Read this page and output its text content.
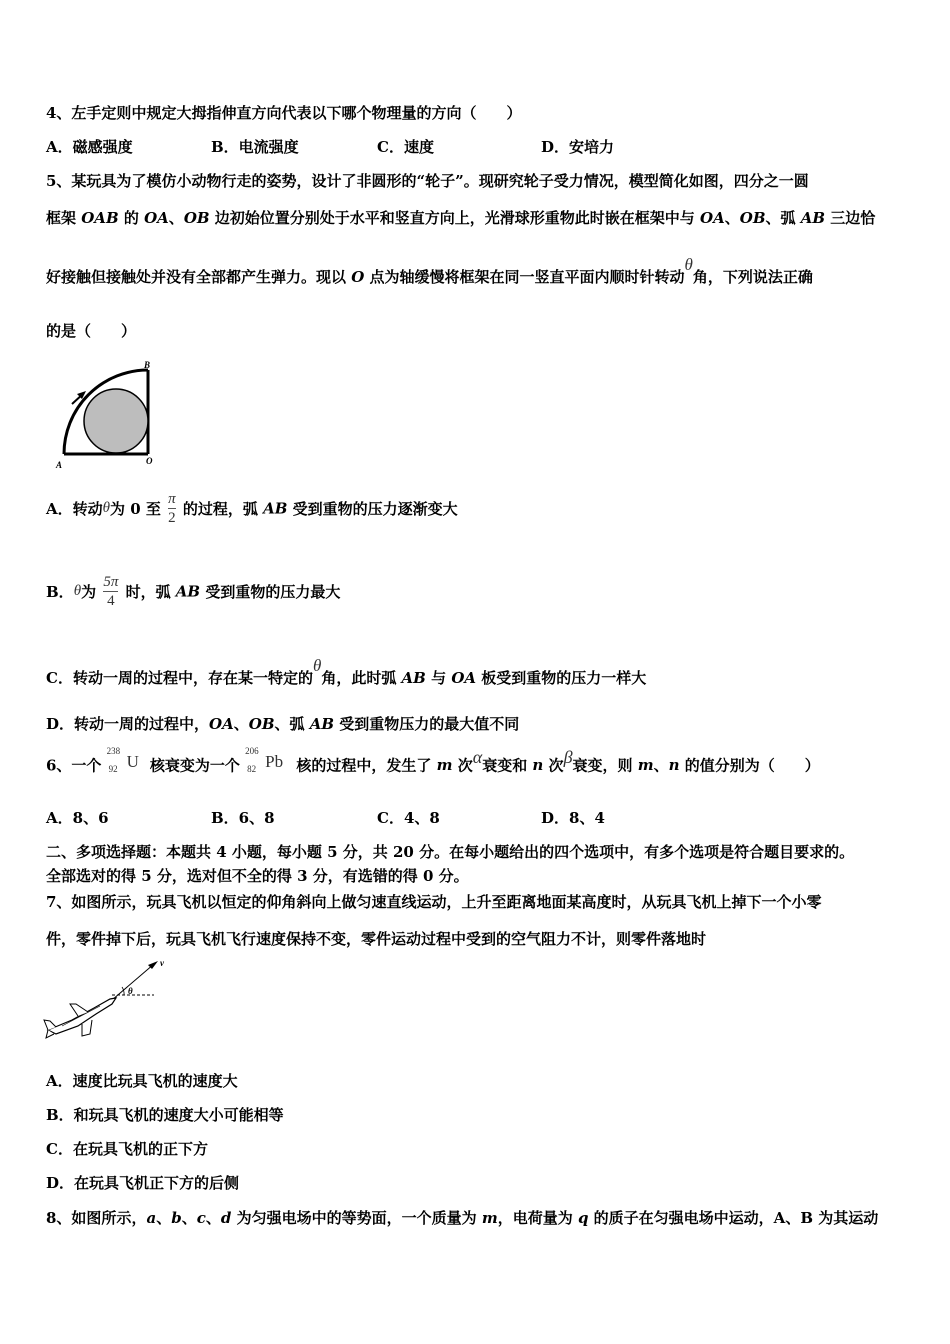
4、左手定则中规定大拇指伸直方向代表以下哪个物理量的方向（　　）
A．磁感强度	B．电流强度	C．速度	D．安培力
5、某玩具为了模仿小动物行走的姿势，设计了非圆形的“轮子”。现研究轮子受力情况，模型简化如图，四分之一圆
框架 OAB 的 OA、OB 边初始位置分别处于水平和竖直方向上，光滑球形重物此时嵌在框架中与 OA、OB、弧 AB 三边恰
好接触但接触处并没有全部都产生弹力。现以 O 点为轴缓慢将框架在同一竖直平面内顺时针转动θ角，下列说法正确
的是（　　）
B
A	O
A．转动θ为 0 至 $\frac{\pi}{2}$ 的过程，弧 AB 受到重物的压力逐渐变大
B．θ为 $\frac{5\pi}{4}$ 时，弧 AB 受到重物的压力最大
C．转动一周的过程中，存在某一特定的θ角，此时弧 AB 与 OA 板受到重物的压力一样大
D．转动一周的过程中，OA、OB、弧 AB 受到重物压力的最大值不同
6、一个
238
92 U 核衰变为一个
206
82 Pb 核的过程中，发生了 m 次α衰变和 n 次β衰变，则 m、n 的值分别为（　　）
A．8、6	B．6、8	C．4、8	D．8、4
二、多项选择题：本题共 4 小题，每小题 5 分，共 20 分。在每小题给出的四个选项中，有多个选项是符合题目要求的。
全部选对的得 5 分，选对但不全的得 3 分，有选错的得 0 分。
7、如图所示，玩具飞机以恒定的仰角斜向上做匀速直线运动，上升至距离地面某高度时，从玩具飞机上掉下一个小零
件，零件掉下后，玩具飞机飞行速度保持不变，零件运动过程中受到的空气阻力不计，则零件落地时
v
θ
A．速度比玩具飞机的速度大
B．和玩具飞机的速度大小可能相等
C．在玩具飞机的正下方
D．在玩具飞机正下方的后侧
8、如图所示，a、b、c、d 为匀强电场中的等势面，一个质量为 m，电荷量为 q 的质子在匀强电场中运动，A、B 为其运动
